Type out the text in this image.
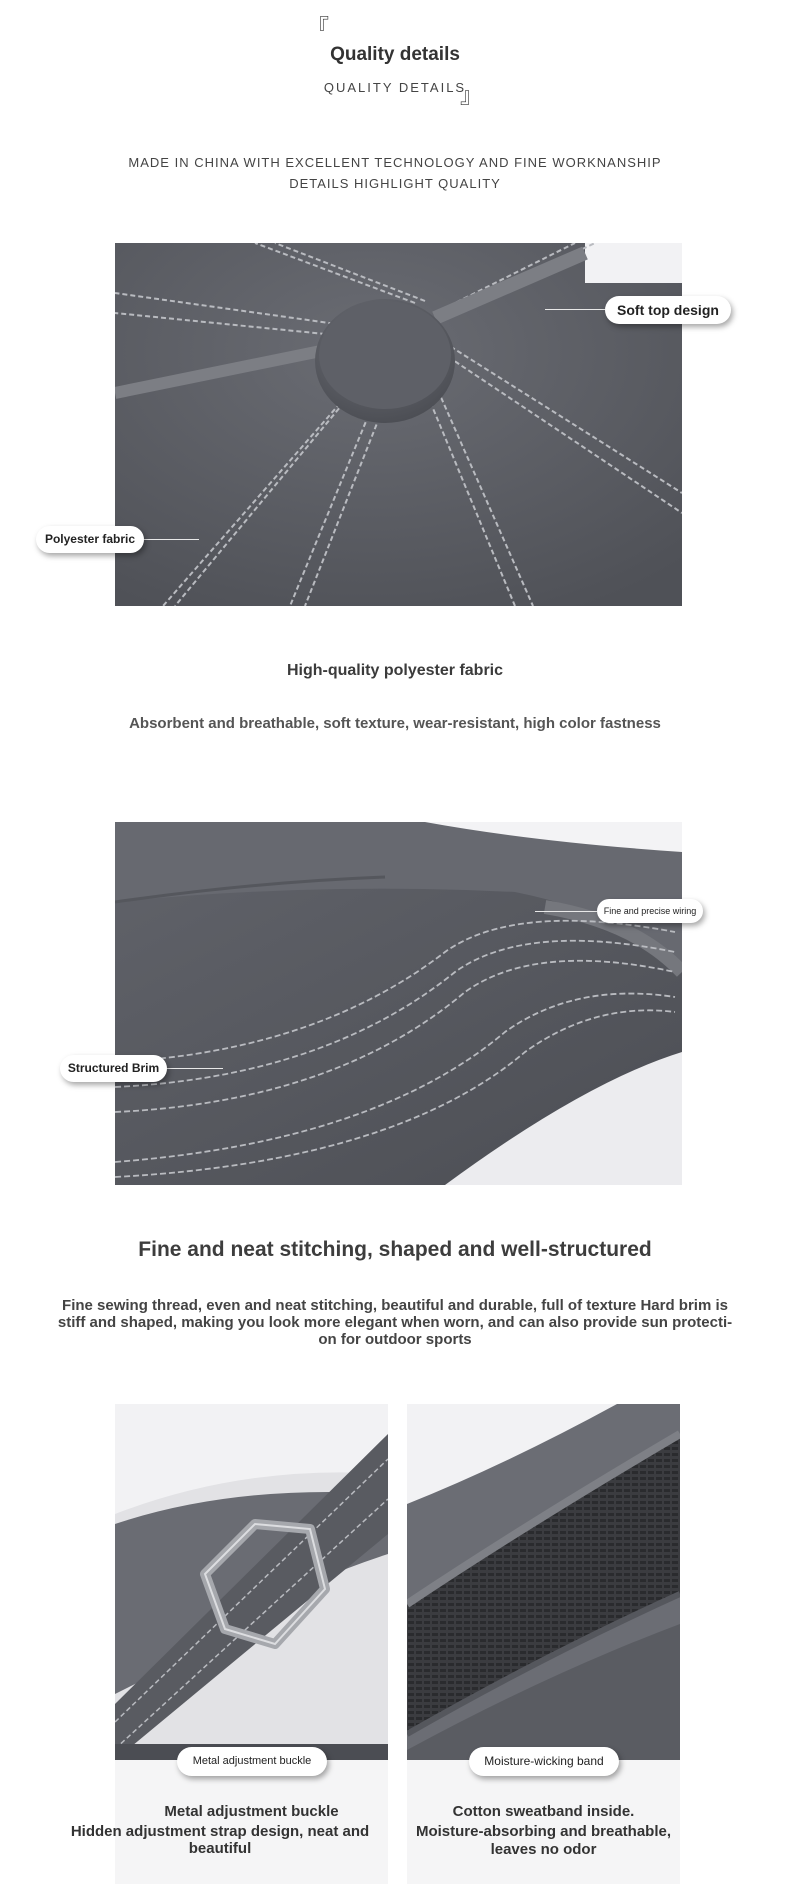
『
Quality details
QUALITY DETAILS
』
MADE IN CHINA WITH EXCELLENT TECHNOLOGY AND FINE WORKNANSHIP
DETAILS HIGHLIGHT QUALITY
Soft top design
Polyester fabric
High-quality polyester fabric
Absorbent and breathable, soft texture, wear-resistant, high color fastness
Fine and precise wiring
Structured Brim
Fine and neat stitching, shaped and well-structured
Fine sewing thread, even and neat stitching, beautiful and durable, full of texture Hard brim is
stiff and shaped, making you look more elegant when worn, and can also provide sun protecti-
on for outdoor sports
Metal adjustment buckle
Metal adjustment buckle
Hidden adjustment strap design, neat and beautiful
Moisture-wicking band
Cotton sweatband inside.
Moisture-absorbing and breathable,
leaves no odor
